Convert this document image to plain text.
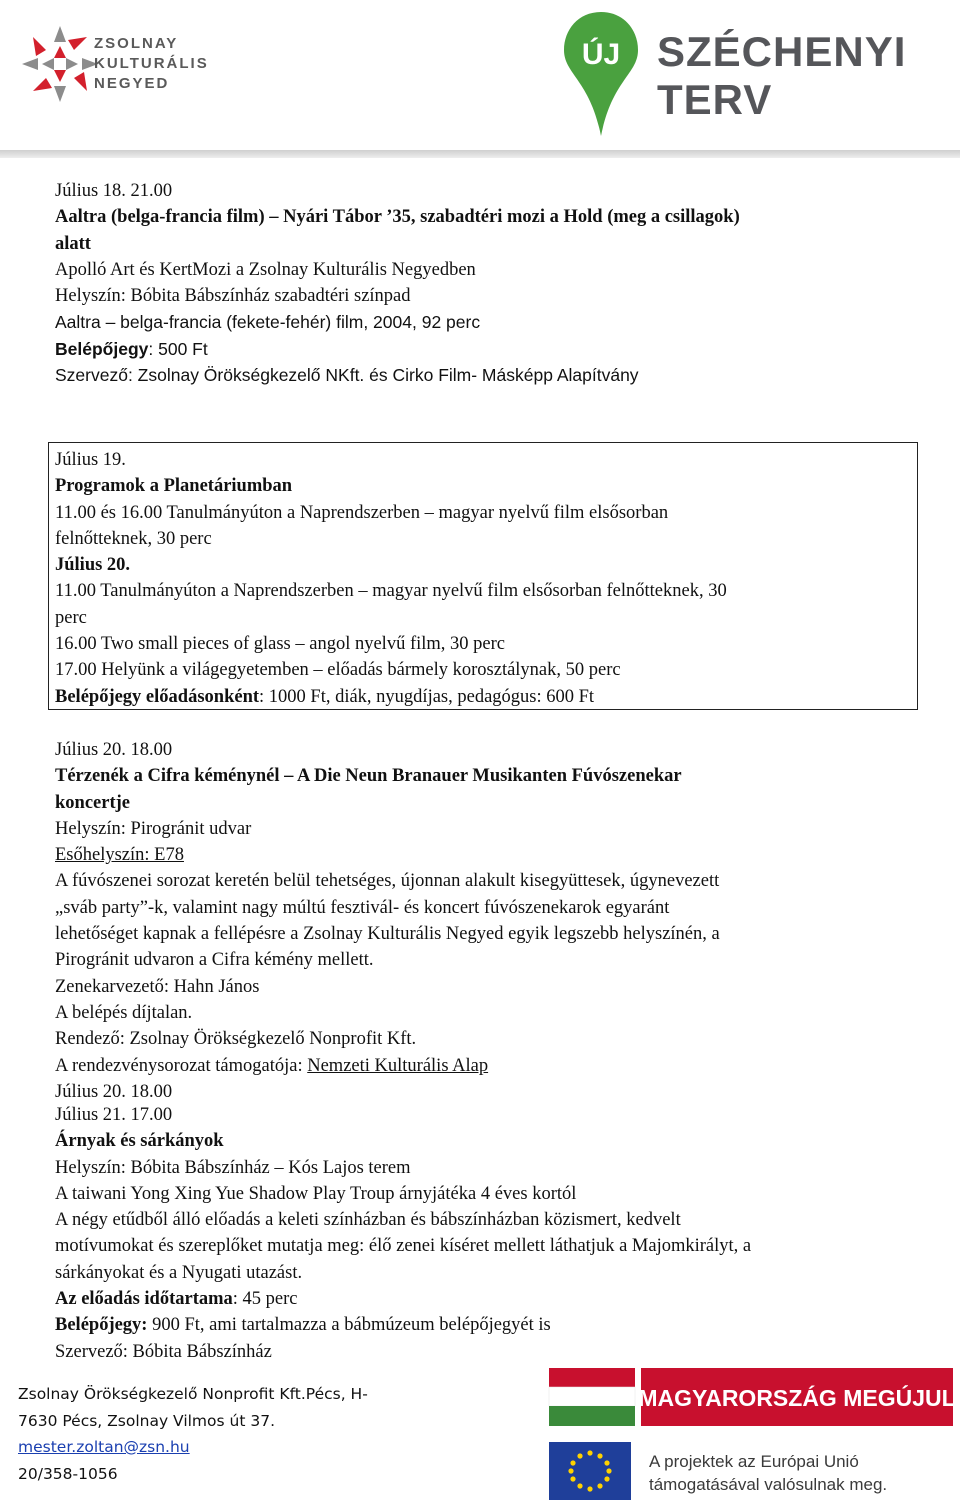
ZSOLNAY
KULTURÁLIS
NEGYED
ÚJ SZÉCHENYI TERV
Július 18. 21.00
Aaltra (belga-francia film) – Nyári Tábor ’35, szabadtéri mozi a Hold (meg a csillagok)
alatt
Apolló Art és KertMozi a Zsolnay Kulturális Negyedben
Helyszín: Bóbita Bábszínház szabadtéri színpad
Aaltra – belga-francia (fekete-fehér) film, 2004, 92 perc
Belépőjegy: 500 Ft
Szervező: Zsolnay Örökségkezelő NKft. és Cirko Film- Másképp Alapítvány
Július 19.
Programok a Planetáriumban
11.00 és 16.00 Tanulmányúton a Naprendszerben – magyar nyelvű film elsősorban
felnőtteknek, 30 perc
Július 20.
11.00 Tanulmányúton a Naprendszerben – magyar nyelvű film elsősorban felnőtteknek, 30
perc
16.00 Two small pieces of glass – angol nyelvű film, 30 perc
17.00 Helyünk a világegyetemben – előadás bármely korosztálynak, 50 perc
Belépőjegy előadásonként: 1000 Ft, diák, nyugdíjas, pedagógus: 600 Ft
Július 20. 18.00
Térzenék a Cifra kéménynél – A Die Neun Branauer Musikanten Fúvószenekar
koncertje
Helyszín: Pirogránit udvar
Esőhelyszín: E78
A fúvószenei sorozat keretén belül tehetséges, újonnan alakult kisegyüttesek, úgynevezett
„sváb party”-k, valamint nagy múltú fesztivál- és koncert fúvószenekarok egyaránt
lehetőséget kapnak a fellépésre a Zsolnay Kulturális Negyed egyik legszebb helyszínén, a
Pirogránit udvaron a Cifra kémény mellett.
Zenekarvezető: Hahn János
A belépés díjtalan.
Rendező: Zsolnay Örökségkezelő Nonprofit Kft.
A rendezvénysorozat támogatója: Nemzeti Kulturális Alap
Július 20. 18.00
Július 21. 17.00
Árnyak és sárkányok
Helyszín: Bóbita Bábszínház – Kós Lajos terem
A taiwani Yong Xing Yue Shadow Play Troup árnyjátéka 4 éves kortól
A négy etűdből álló előadás a keleti színházban és bábszínházban közismert, kedvelt
motívumokat és szereplőket mutatja meg: élő zenei kíséret mellett láthatjuk a Majomkirályt, a
sárkányokat és a Nyugati utazást.
Az előadás időtartama: 45 perc
Belépőjegy: 900 Ft, ami tartalmazza a bábmúzeum belépőjegyét is
Szervező: Bóbita Bábszínház
Zsolnay Örökségkezelő Nonprofit Kft.Pécs, H-
7630 Pécs, Zsolnay Vilmos út 37.
mester.zoltan@zsn.hu
20/358-1056
MAGYARORSZÁG MEGÚJUL
A projektek az Európai Unió
támogatásával valósulnak meg.
